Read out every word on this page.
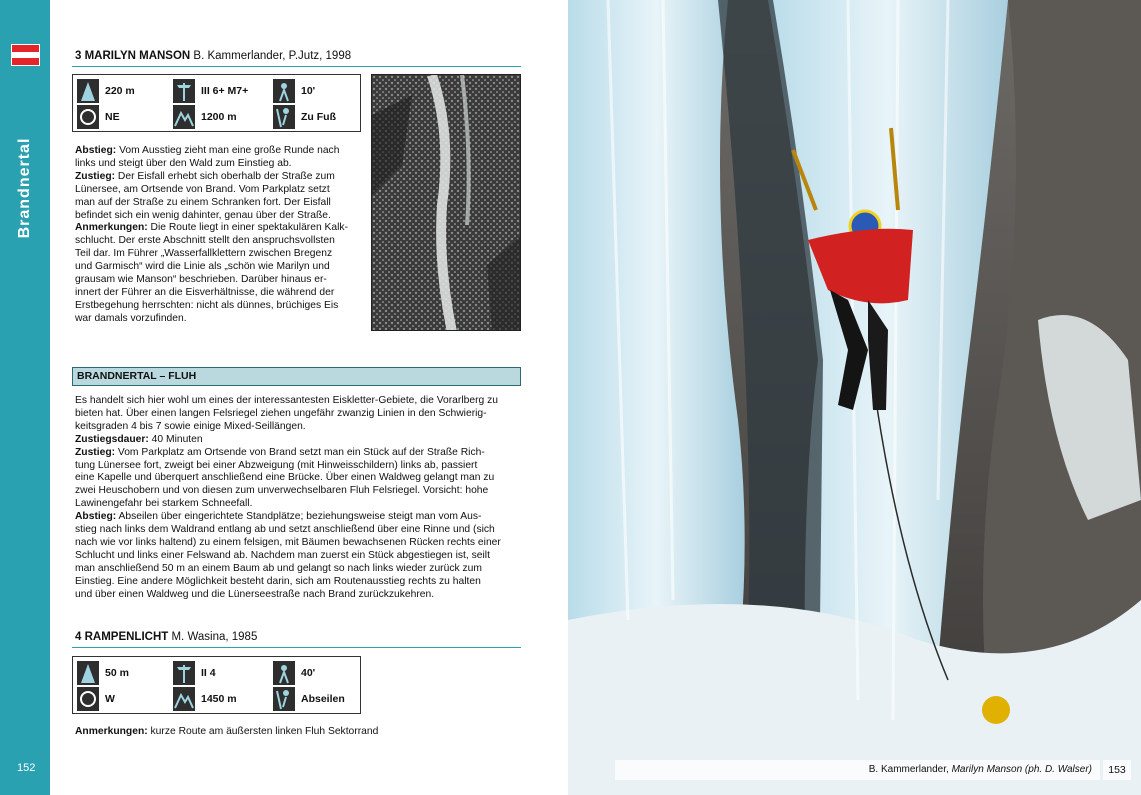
Brandnertal
152
3 MARILYN MANSON B. Kammerlander, P.Jutz, 1998
220 m	III 6+ M7+	10'
NE	1200 m	Zu Fuß
Abstieg: Vom Ausstieg zieht man eine große Runde nach
links und steigt über den Wald zum Einstieg ab.
Zustieg: Der Eisfall erhebt sich oberhalb der Straße zum
Lünersee, am Ortsende von Brand. Vom Parkplatz setzt
man auf der Straße zu einem Schranken fort. Der Eisfall
befindet sich ein wenig dahinter, genau über der Straße.
Anmerkungen: Die Route liegt in einer spektakulären Kalk-
schlucht. Der erste Abschnitt stellt den anspruchsvollsten
Teil dar. Im Führer „Wasserfallklettern zwischen Bregenz
und Garmisch“ wird die Linie als „schön wie Marilyn und
grausam wie Manson“ beschrieben. Darüber hinaus er-
innert der Führer an die Eisverhältnisse, die während der
Erstbegehung herrschten: nicht als dünnes, brüchiges Eis
war damals vorzufinden.
BRANDNERTAL – FLUH
Es handelt sich hier wohl um eines der interessantesten Eiskletter-Gebiete, die Vorarlberg zu
bieten hat. Über einen langen Felsriegel ziehen ungefähr zwanzig Linien in den Schwierig-
keitsgraden 4 bis 7 sowie einige Mixed-Seillängen.
Zustiegsdauer: 40 Minuten
Zustieg: Vom Parkplatz am Ortsende von Brand setzt man ein Stück auf der Straße Rich-
tung Lünersee fort, zweigt bei einer Abzweigung (mit Hinweisschildern) links ab, passiert
eine Kapelle und überquert anschließend eine Brücke. Über einen Waldweg gelangt man zu
zwei Heuschobern und von diesen zum unverwechselbaren Fluh Felsriegel. Vorsicht: hohe
Lawinengefahr bei starkem Schneefall.
Abstieg: Abseilen über eingerichtete Standplätze; beziehungsweise steigt man vom Aus-
stieg nach links dem Waldrand entlang ab und setzt anschließend über eine Rinne und (sich
nach wie vor links haltend) zu einem felsigen, mit Bäumen bewachsenen Rücken rechts einer
Schlucht und links einer Felswand ab. Nachdem man zuerst ein Stück abgestiegen ist, seilt
man anschließend 50 m an einem Baum ab und gelangt so nach links wieder zurück zum
Einstieg. Eine andere Möglichkeit besteht darin, sich am Routenausstieg rechts zu halten
und über einen Waldweg und die Lünerseestraße nach Brand zurückzukehren.
4 RAMPENLICHT M. Wasina, 1985
50 m	II 4	40'
W	1450 m	Abseilen
Anmerkungen: kurze Route am äußersten linken Fluh Sektorrand
B. Kammerlander, Marilyn Manson (ph. D. Walser)	153
